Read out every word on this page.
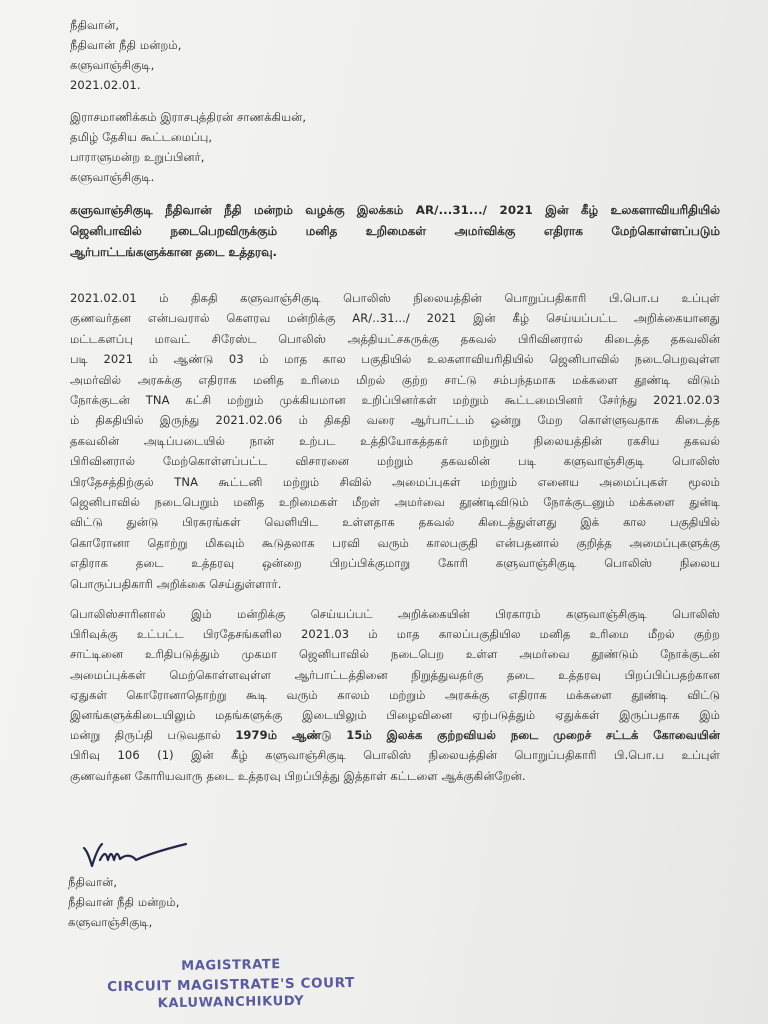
நீதிவான்,
நீதிவான் நீதி மன்றம்,
களுவாஞ்சிகுடி,
2021.02.01.
இராசமாணிக்கம் இராசபுத்திரன் சாணக்கியன்,
தமிழ் தேசிய கூட்டமைப்பு,
பாராளுமன்ற உறுப்பினர்,
களுவாஞ்சிகுடி.
களுவாஞ்சிகுடி நீதிவான் நீதி மன்றம் வழக்கு இலக்கம் AR/...31.../ 2021 இன் கீழ் உலகளாவியரிதியில்
ஜெனிபாவில் நடைபெறவிருக்கும் மனித உறிமைகள் அமர்விக்கு எதிராக மேற்கொள்ளப்படும்
ஆர்பாட்டங்களுக்கான தடை உத்தரவு.
2021.02.01 ம் திகதி களுவாஞ்சிகுடி பொலிஸ் நிலையத்தின் பொறுப்பதிகாரி பி.பொ.ப உப்புள்
குணவர்தன என்பவரால் கௌரவ மன்றிக்கு AR/..31.../ 2021 இன் கீழ் செய்யப்பட்ட அறிக்கையானது
மட்டகளப்பு மாவட் சிரேஸ்ட பொலிஸ் அத்தியட்சகருக்கு தகவல் பிரிவினரால் கிடைத்த தகவலின்
படி 2021 ம் ஆண்டு 03 ம் மாத கால பகுதியில் உலகளாவியரிதியில் ஜெனிபாவில் நடைபெறவுள்ள
அமர்வில் அரசுக்கு எதிராக மனித உரிமை மிறல் குற்ற சாட்டு சம்பந்தமாக மக்களை தூண்டி விடும்
நோக்குடன் TNA கட்சி மற்றும் முக்கியமான உறிப்பினர்கள் மற்றும் கூட்டமைபினர் சேர்ந்து 2021.02.03
ம் திகதியில் இருந்து 2021.02.06 ம் திகதி வரை ஆர்பாட்டம் ஒன்று மேற கொள்ளுவதாக கிடைத்த
தகவலின் அடிப்படையில் நான் உற்பட உத்தியோகத்தகர் மற்றும் நிலையத்தின் ரகசிய தகவல்
பிரிவினரால் மேற்கொள்ளப்பட்ட விசாரனை மற்றும் தகவலின் படி களுவாஞ்சிகுடி பொலிஸ்
பிரதேசத்திற்குல் TNA கூட்டனி மற்றும் சிவில் அமைப்புகள் மற்றும் எனைய அமைப்புகள் மூலம்
ஜெனிபாவில் நடைபெறும் மனித உறிமைகள் மீறள் அமர்வை தூண்டிவிடும் நோக்குடனும் மக்களை துன்டி
விட்டு துன்டு பிரசுரங்கள் வெளியிட உள்ளதாக தகவல் கிடைத்துள்ளது இக் கால பகுதியில்
கொரோனா தொற்று மிகவும் கூடுதலாக பரவி வரும் காலபகுதி என்பதனால் குறித்த அமைப்புகளுக்கு
எதிராக தடை உத்தரவு ஒன்றை பிறப்பிக்குமாறு கோரி களுவாஞ்சிகுடி பொலிஸ் நிலைய
பொருப்பதிகாரி அறிக்கை செய்துள்ளார்.
பொலிஸ்சாரினால் இம் மன்றிக்கு செய்யப்பட் அறிக்கையின் பிரகாரம் களுவாஞ்சிகுடி பொலிஸ்
பிரிவுக்கு உட்பட்ட பிரதேசங்களில 2021.03 ம் மாத காலப்பகுதியில மனித உரிமை மீறல் குற்ற
சாட்டினை உரிதிபடுத்தும் முகமா ஜெனிபாவில் நடைபெற உள்ள அமர்வை தூண்டும் நோக்குடன்
அமைப்புக்கள் மெற்கொள்ளவுள்ள ஆர்பாட்டத்தினை நிறுத்துவதர்கு தடை உத்தரவு பிறப்பிப்பதற்கான
ஏதுகள் கொரோனாதொற்று கூடி வரும் காலம் மற்றும் அரசுக்கு எதிராக மக்களை தூண்டி விட்டு
இனங்களுக்கிடையிலும் மதங்களுக்கு இடையிலும் பிழைவினை ஏற்படுத்தும் ஏதுக்கள் இருப்பதாக இம்
மன்று திருப்தி படுவதால் 1979ம் ஆண்டு 15ம் இலக்க குற்றவியல் நடை முறைச் சட்டக் கோவையின்
பிரிவு 106 (1) இன் கீழ் களுவாஞ்சிகுடி பொலிஸ் நிலையத்தின் பொறுப்பதிகாரி பி.பொ.ப உப்புள்
குணவர்தன கோரியவாரு தடை உத்தரவு பிறப்பித்து இத்தாள் கட்டளை ஆக்குகின்றேன்.
நீதிவான்,
நீதிவான் நீதி மன்றம்,
களுவாஞ்சிகுடி,
MAGISTRATE
CIRCUIT MAGISTRATE'S COURT
KALUWANCHIKUDY
